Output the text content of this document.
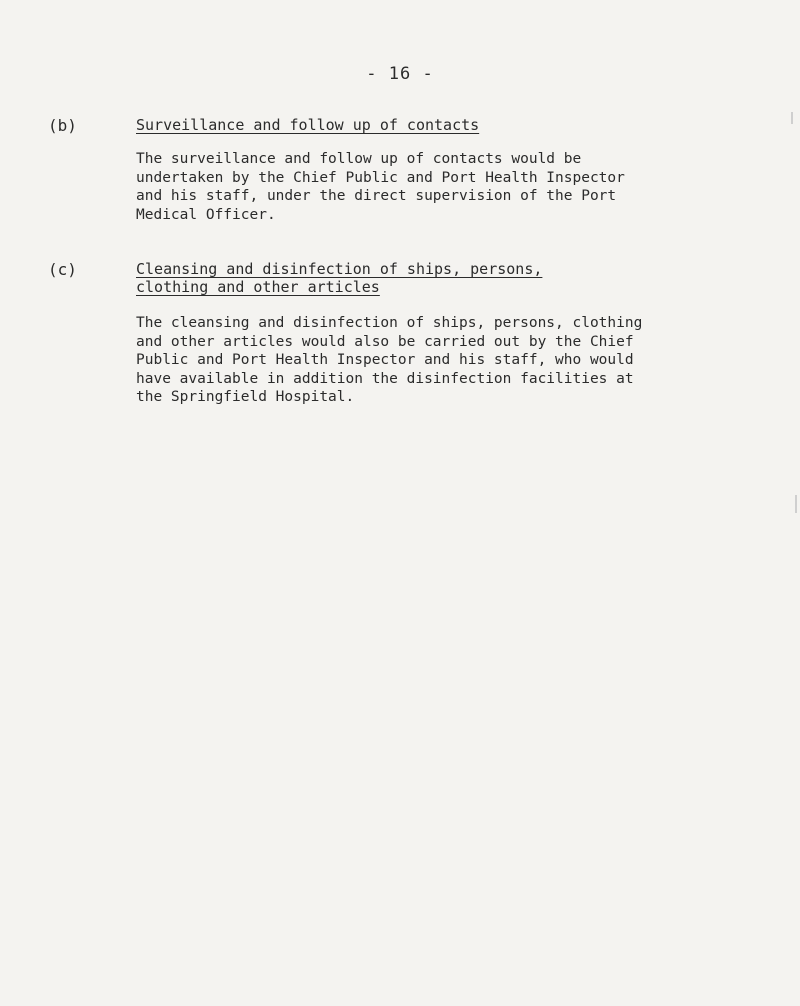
- 16 -
(b)	Surveillance and follow up of contacts
The surveillance and follow up of contacts would be
undertaken by the Chief Public and Port Health Inspector
and his staff, under the direct supervision of the Port
Medical Officer.
(c)	Cleansing and disinfection of ships, persons,
clothing and other articles
The cleansing and disinfection of ships, persons, clothing
and other articles would also be carried out by the Chief
Public and Port Health Inspector and his staff, who would
have available in addition the disinfection facilities at
the Springfield Hospital.
